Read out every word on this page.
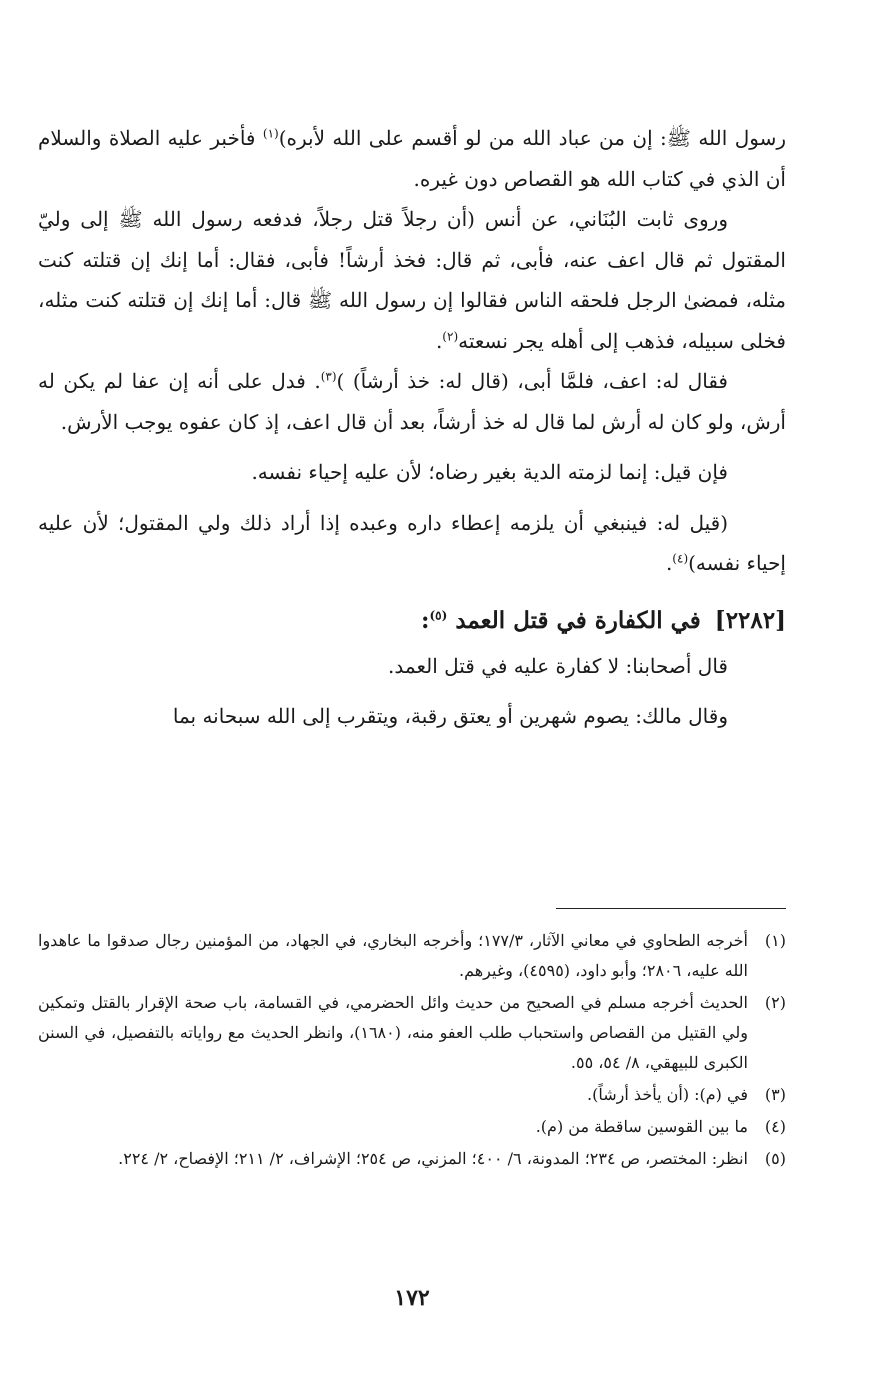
رسول الله ﷺ: إن من عباد الله من لو أقسم على الله لأبره)$^{(١)}$ فأخبر عليه الصلاة والسلام أن الذي في كتاب الله هو القصاص دون غيره.

وروى ثابت البُنَاني، عن أنس (أن رجلاً قتل رجلاً، فدفعه رسول الله ﷺ إلى وليّ المقتول ثم قال اعف عنه، فأبى، ثم قال: فخذ أرشاً! فأبى، فقال: أما إنك إن قتلته كنت مثله، فمضىٰ الرجل فلحقه الناس فقالوا إن رسول الله ﷺ قال: أما إنك إن قتلته كنت مثله، فخلى سبيله، فذهب إلى أهله يجر نسعته$^{(٢)}$.

فقال له: اعف، فلمَّا أبى، (قال له: خذ أرشاً) )$^{(٣)}$. فدل على أنه إن عفا لم يكن له أرش، ولو كان له أرش لما قال له خذ أرشاً، بعد أن قال اعف، إذ كان عفوه يوجب الأرش.

فإن قيل: إنما لزمته الدية بغير رضاه؛ لأن عليه إحياء نفسه.

(قيل له: فينبغي أن يلزمه إعطاء داره وعبده إذا أراد ذلك ولي المقتول؛ لأن عليه إحياء نفسه)$^{(٤)}$.

[٢٢٨٢]في الكفارة في قتل العمد $^{(٥)}$:

قال أصحابنا: لا كفارة عليه في قتل العمد.

وقال مالك: يصوم شهرين أو يعتق رقبة، ويتقرب إلى الله سبحانه بما

(١)
أخرجه الطحاوي في معاني الآثار، ١٧٧/٣؛ وأخرجه البخاري، في الجهاد، من المؤمنين رجال صدقوا ما عاهدوا الله عليه، ٢٨٠٦؛ وأبو داود، (٤٥٩٥)، وغيرهم.
(٢)
الحديث أخرجه مسلم في الصحيح من حديث وائل الحضرمي، في القسامة، باب صحة الإقرار بالقتل وتمكين ولي القتيل من القصاص واستحباب طلب العفو منه، (١٦٨٠)، وانظر الحديث مع رواياته بالتفصيل، في السنن الكبرى للبيهقي، ٨/ ٥٤، ٥٥.
(٣)
في (م): (أن يأخذ أرشاً).
(٤)
ما بين القوسين ساقطة من (م).
(٥)
انظر: المختصر، ص ٢٣٤؛ المدونة، ٦/ ٤٠٠؛ المزني، ص ٢٥٤؛ الإشراف، ٢/ ٢١١؛ الإفصاح، ٢/ ٢٢٤.
١٧٢
